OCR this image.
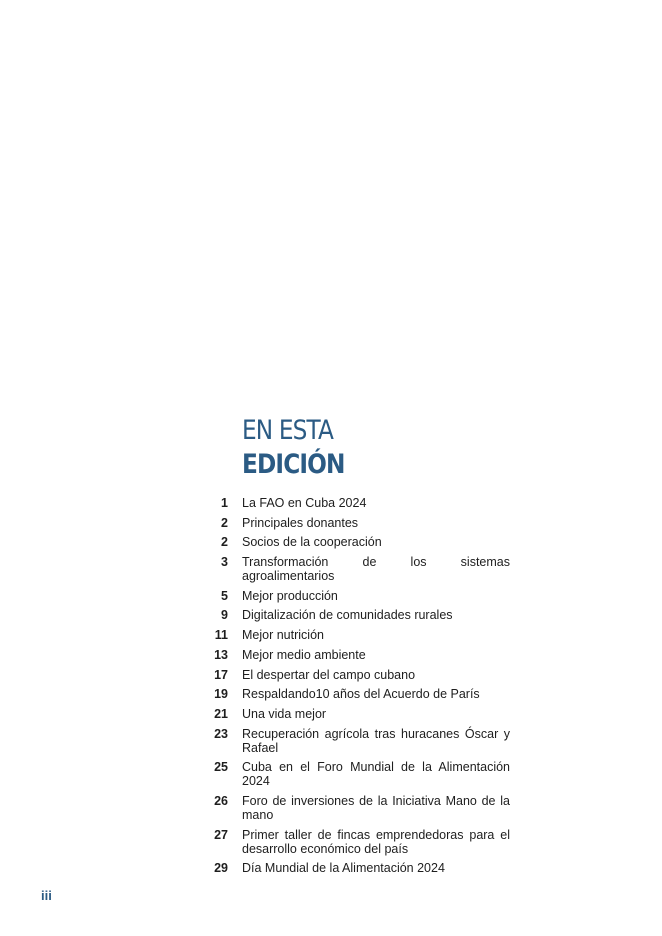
EN ESTA
EDICIÓN
1 La FAO en Cuba 2024
2 Principales donantes
2 Socios de la cooperación
3 Transformación de los sistemas agroalimentarios
5 Mejor producción
9 Digitalización de comunidades rurales
11 Mejor nutrición
13 Mejor medio ambiente
17 El despertar del campo cubano
19 Respaldando10 años del Acuerdo de París
21 Una vida mejor
23 Recuperación agrícola tras huracanes Óscar y Rafael
25 Cuba en el Foro Mundial de la Alimentación 2024
26 Foro de inversiones de la Iniciativa Mano de la mano
27 Primer taller de fincas emprendedoras para el desarrollo económico del país
29 Día Mundial de la Alimentación 2024
iii
